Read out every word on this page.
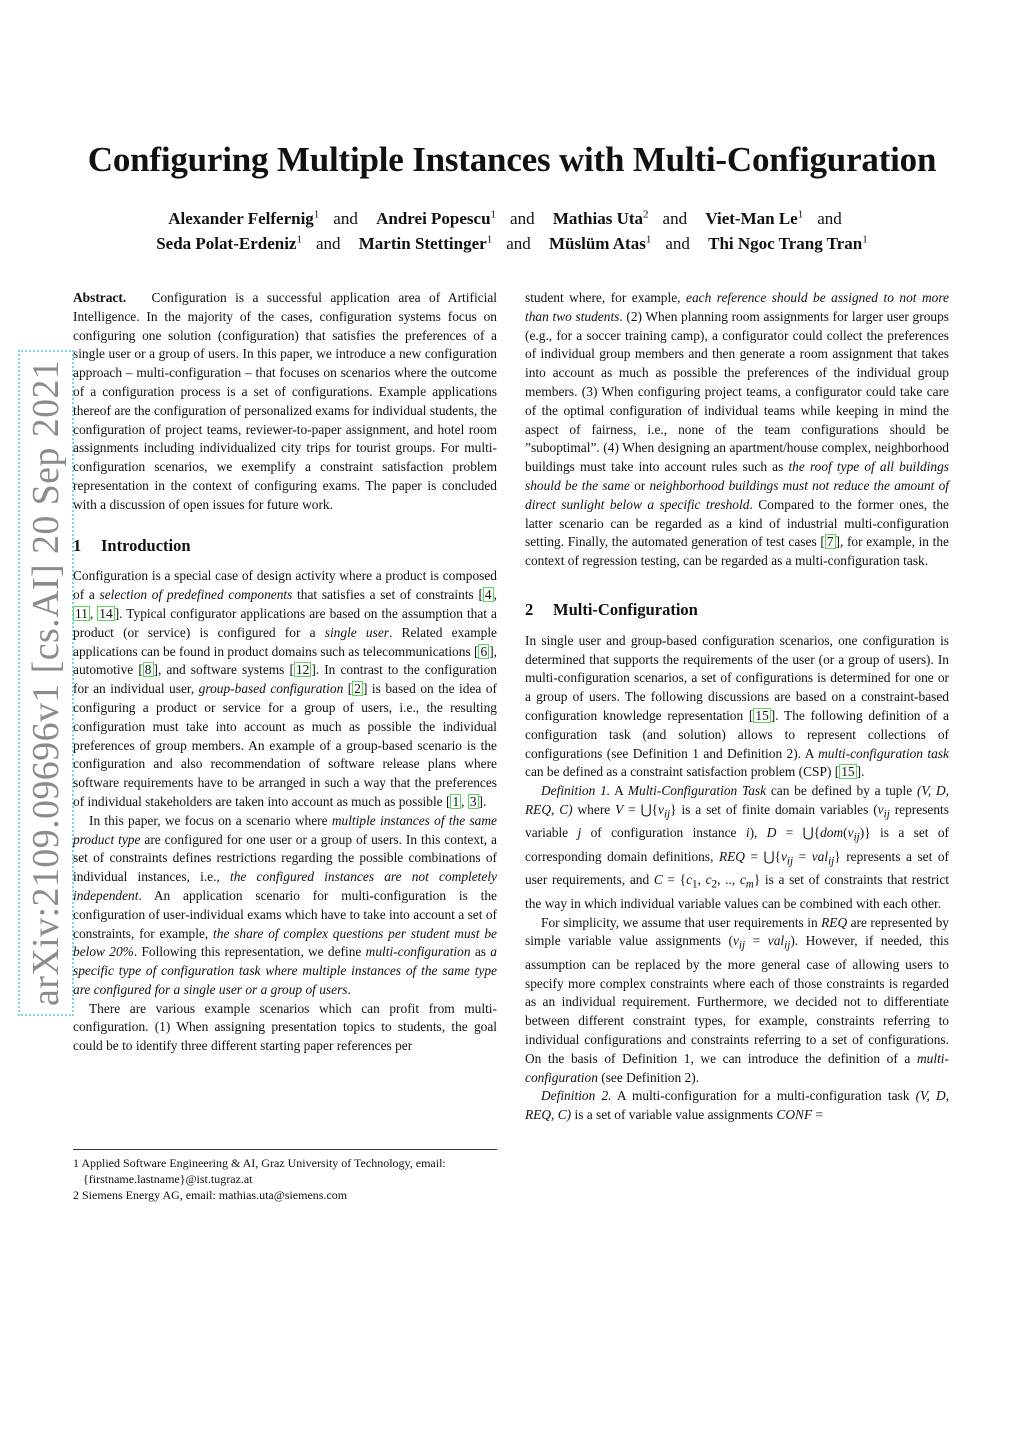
arXiv:2109.09696v1 [cs.AI] 20 Sep 2021
Configuring Multiple Instances with Multi-Configuration
Alexander Felfernig$^1$ and Andrei Popescu$^1$ and Mathias Uta$^2$ and Viet-Man Le$^1$ and
Seda Polat-Erdeniz$^1$ and Martin Stettinger$^1$ and Müslüm Atas$^1$ and Thi Ngoc Trang Tran$^1$

Abstract. Configuration is a successful application area of Artificial Intelligence. In the majority of the cases, configuration systems focus on configuring one solution (configuration) that satisfies the preferences of a single user or a group of users. In this paper, we introduce a new configuration approach – multi-configuration – that focuses on scenarios where the outcome of a configuration process is a set of configurations. Example applications thereof are the configuration of personalized exams for individual students, the configuration of project teams, reviewer-to-paper assignment, and hotel room assignments including individualized city trips for tourist groups. For multi-configuration scenarios, we exemplify a constraint satisfaction problem representation in the context of configuring exams. The paper is concluded with a discussion of open issues for future work.

1 Introduction

Configuration is a special case of design activity where a product is composed of a selection of predefined components that satisfies a set of constraints [ 4 , 11 , 14 ]. Typical configurator applications are based on the assumption that a product (or service) is configured for a single user. Related example applications can be found in product domains such as telecommunications [ 6 ], automotive [ 8 ], and software systems [ 12 ]. In contrast to the configuration for an individual user, group-based configuration [ 2 ] is based on the idea of configuring a product or service for a group of users, i.e., the resulting configuration must take into account as much as possible the individual preferences of group members. An example of a group-based scenario is the configuration and also recommendation of software release plans where software requirements have to be arranged in such a way that the preferences of individual stakeholders are taken into account as much as possible [ 1 , 3 ].

In this paper, we focus on a scenario where multiple instances of the same product type are configured for one user or a group of users. In this context, a set of constraints defines restrictions regarding the possible combinations of individual instances, i.e., the configured instances are not completely independent. An application scenario for multi-configuration is the configuration of user-individual exams which have to take into account a set of constraints, for example, the share of complex questions per student must be below 20%. Following this representation, we define multi-configuration as a specific type of configuration task where multiple instances of the same type are configured for a single user or a group of users.

There are various example scenarios which can profit from multi-configuration. (1) When assigning presentation topics to students, the goal could be to identify three different starting paper references per

1 Applied Software Engineering & AI, Graz University of Technology, email: {firstname.lastname}@ist.tugraz.at

2 Siemens Energy AG, email: mathias.uta@siemens.com

student where, for example, each reference should be assigned to not more than two students. (2) When planning room assignments for larger user groups (e.g., for a soccer training camp), a configurator could collect the preferences of individual group members and then generate a room assignment that takes into account as much as possible the preferences of the individual group members. (3) When configuring project teams, a configurator could take care of the optimal configuration of individual teams while keeping in mind the aspect of fairness, i.e., none of the team configurations should be ”suboptimal”. (4) When designing an apartment/house complex, neighborhood buildings must take into account rules such as the roof type of all buildings should be the same or neighborhood buildings must not reduce the amount of direct sunlight below a specific treshold. Compared to the former ones, the latter scenario can be regarded as a kind of industrial multi-configuration setting. Finally, the automated generation of test cases [ 7 ], for example, in the context of regression testing, can be regarded as a multi-configuration task.

2 Multi-Configuration

In single user and group-based configuration scenarios, one configuration is determined that supports the requirements of the user (or a group of users). In multi-configuration scenarios, a set of configurations is determined for one or a group of users. The following discussions are based on a constraint-based configuration knowledge representation [ 15 ]. The following definition of a configuration task (and solution) allows to represent collections of configurations (see Definition 1 and Definition 2). A multi-configuration task can be defined as a constraint satisfaction problem (CSP) [ 15 ].

Definition 1. A Multi-Configuration Task can be defined by a tuple (V, D, REQ, C) where $V = ⋃\{v_{ij}\}$ is a set of finite domain variables ($v_{ij}$ represents variable j of configuration instance i), $D = ⋃\{dom(v_{ij})\}$ is a set of corresponding domain definitions, REQ = $⋃\{v_{ij} = val_{ij}\}$ represents a set of user requirements, and $C = \{c_1$, $c_2$, .., $c_m$} is a set of constraints that restrict the way in which individual variable values can be combined with each other.

For simplicity, we assume that user requirements in REQ are represented by simple variable value assignments $(v_{ij} = val_{ij})$. However, if needed, this assumption can be replaced by the more general case of allowing users to specify more complex constraints where each of those constraints is regarded as an individual requirement. Furthermore, we decided not to differentiate between different constraint types, for example, constraints referring to individual configurations and constraints referring to a set of configurations. On the basis of Definition 1, we can introduce the definition of a multi-configuration (see Definition 2).

Definition 2. A multi-configuration for a multi-configuration task (V, D, REQ, C) is a set of variable value assignments CONF =
